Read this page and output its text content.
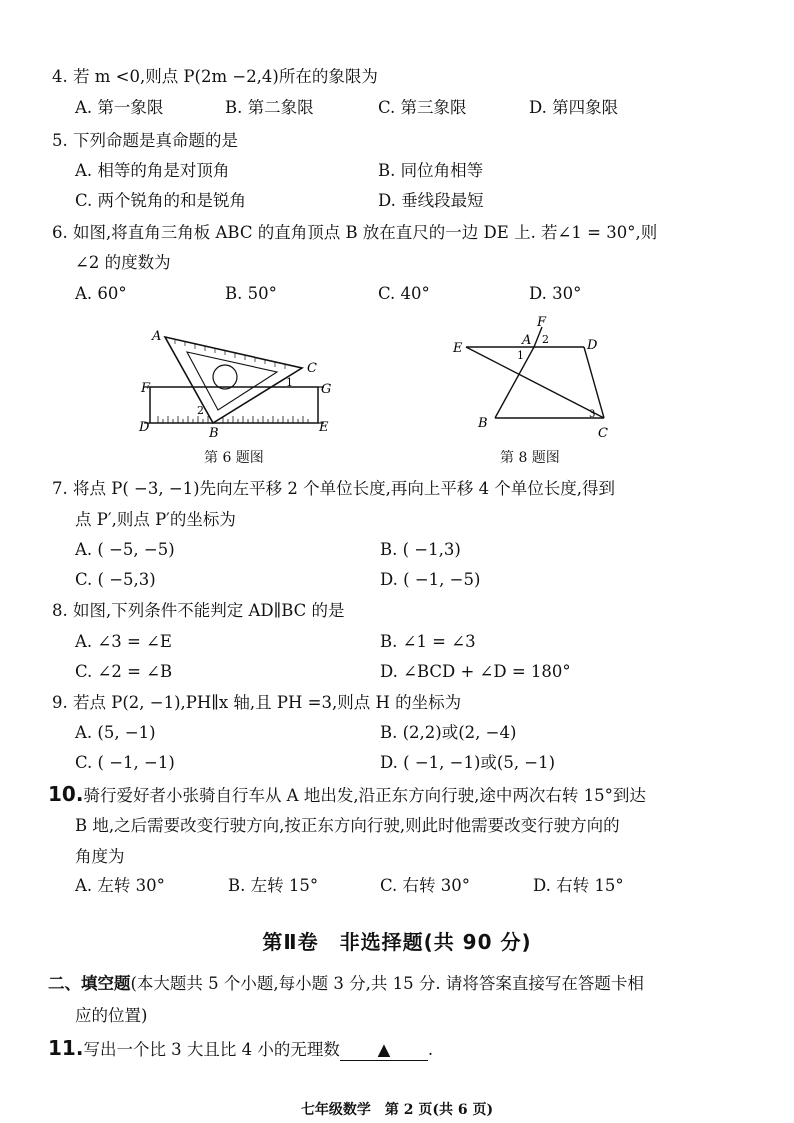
4. 若 m <0,则点 P(2m −2,4)所在的象限为
A. 第一象限	B. 第二象限	C. 第三象限	D. 第四象限
5. 下列命题是真命题的是
A. 相等的角是对顶角	B. 同位角相等
C. 两个锐角的和是锐角	D. 垂线段最短
6. 如图,将直角三角板 ABC 的直角顶点 B 放在直尺的一边 DE 上. 若∠1 = 30°,则
∠2 的度数为
A. 60°	B. 50°	C. 40°	D. 30°
A
C
F	G
D	B	E
1
2
第 6 题图
F
A 2
E	D
1
B
C
3
第 8 题图
7. 将点 P( −3, −1)先向左平移 2 个单位长度,再向上平移 4 个单位长度,得到
点 P′,则点 P′的坐标为
A. ( −5, −5)	B. ( −1,3)
C. ( −5,3)	D. ( −1, −5)
8. 如图,下列条件不能判定 AD∥BC 的是
A. ∠3 = ∠E	B. ∠1 = ∠3
C. ∠2 = ∠B	D. ∠BCD + ∠D = 180°
9. 若点 P(2, −1),PH∥x 轴,且 PH =3,则点 H 的坐标为
A. (5, −1)	B. (2,2)或(2, −4)
C. ( −1, −1)	D. ( −1, −1)或(5, −1)
10.骑行爱好者小张骑自行车从 A 地出发,沿正东方向行驶,途中两次右转 15°到达
B 地,之后需要改变行驶方向,按正东方向行驶,则此时他需要改变行驶方向的
角度为
A. 左转 30°	B. 左转 15°	C. 右转 30°	D. 右转 15°
第Ⅱ卷　非选择题(共 90 分)
二、填空题(本大题共 5 个小题,每小题 3 分,共 15 分. 请将答案直接写在答题卡相
应的位置)
11.写出一个比 3 大且比 4 小的无理数 ▲ .
七年级数学　第 2 页(共 6 页)
